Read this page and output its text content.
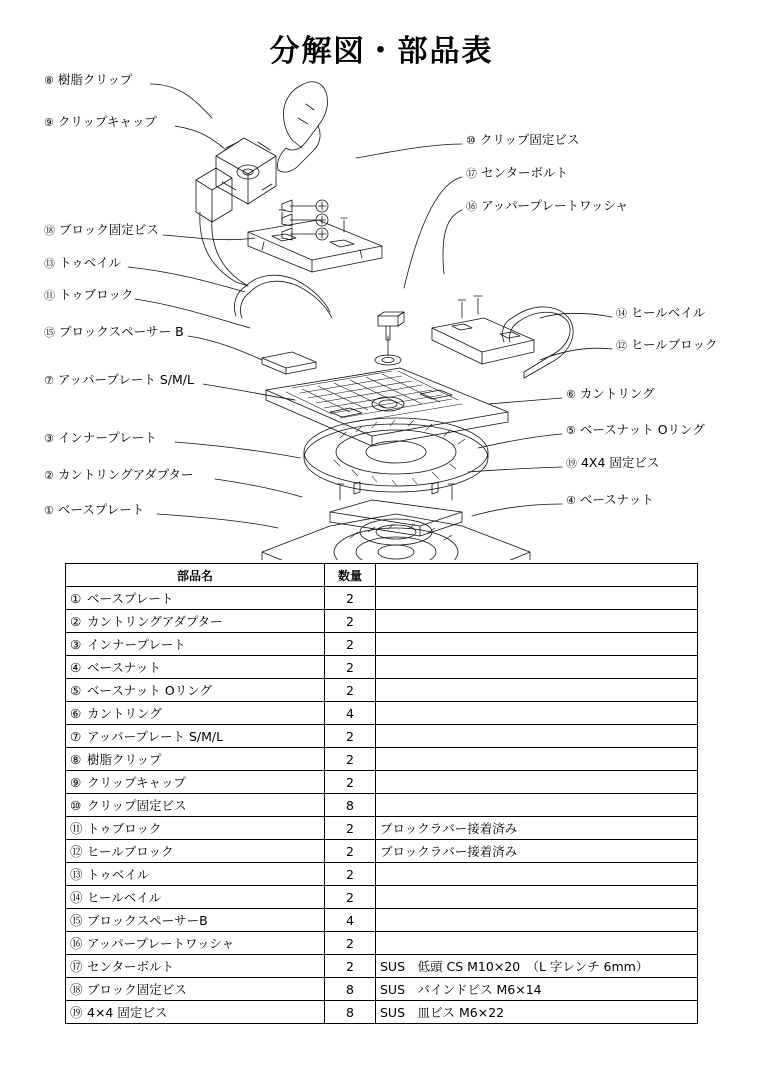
分解図・部品表
⑧ 樹脂クリップ
⑨ クリップキャップ
⑱ ブロック固定ビス
⑬ トゥベイル
⑪ トゥブロック
⑮ ブロックスペーサー B
⑦ アッパープレート S/M/L
③ インナープレート
② カントリングアダプター
① ベースプレート
⑩ クリップ固定ビス
⑰ センターボルト
⑯ アッパープレートワッシャ
⑭ ヒールベイル
⑫ ヒールブロック
⑥ カントリング
⑤ ベースナット Oリング
⑲ 4X4 固定ビス
④ ベースナット
部品名	数量	
① ベースプレート	2	
② カントリングアダプター	2	
③ インナープレート	2	
④ ベースナット	2	
⑤ ベースナット Oリング	2	
⑥ カントリング	4	
⑦ アッパープレート S/M/L	2	
⑧ 樹脂クリップ	2	
⑨ クリップキャップ	2	
⑩ クリップ固定ビス	8	
⑪ トゥブロック	2	ブロックラバー接着済み
⑫ ヒールブロック	2	ブロックラバー接着済み
⑬ トゥベイル	2	
⑭ ヒールベイル	2	
⑮ ブロックスペーサーB	4	
⑯ アッパープレートワッシャ	2	
⑰ センターボルト	2	SUS　低頭 CS M10×20　（L 字レンチ 6mm）
⑱ ブロック固定ビス	8	SUS　バインドビス M6×14
⑲ 4×4 固定ビス	8	SUS　皿ビス M6×22
